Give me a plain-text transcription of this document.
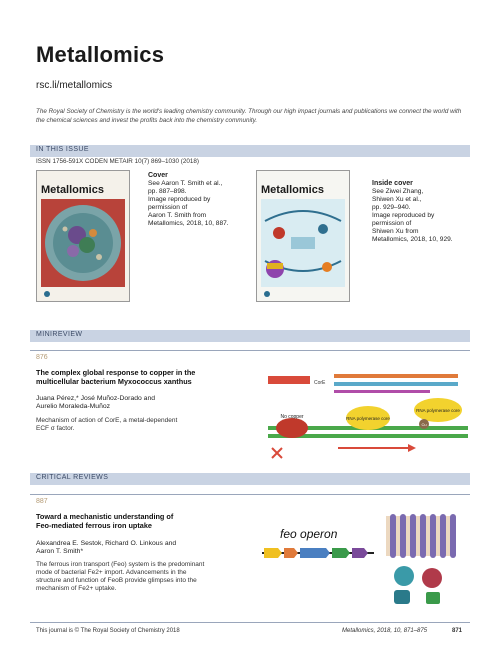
Metallomics
rsc.li/metallomics
The Royal Society of Chemistry is the world's leading chemistry community. Through our high impact journals and publications we connect the world with the chemical sciences and invest the profits back into the chemistry community.
IN THIS ISSUE
ISSN 1756-591X CODEN METAIR 10(7) 869–1030 (2018)
Metallomics
Cover
See Aaron T. Smith et al.,
pp. 887–898.
Image reproduced by
permission of
Aaron T. Smith from
Metallomics, 2018, 10, 887.
Metallomics
Inside cover
See Ziwei Zhang,
Shiwen Xu et al.,
pp. 929–940.
Image reproduced by
permission of
Shiwen Xu from
Metallomics, 2018, 10, 929.
MINIREVIEW
876
The complex global response to copper in the
multicellular bacterium Myxococcus xanthus
Juana Pérez,* José Muñoz-Dorado and
Aurelio Moraleda-Muñoz
Mechanism of action of CorE, a metal-dependent
ECF σ factor.
CorE
No copper	RNA polymerase core
RNA polymerase core
Cu
CRITICAL REVIEWS
887
Toward a mechanistic understanding of
Feo-mediated ferrous iron uptake
Alexandrea E. Sestok, Richard O. Linkous and
Aaron T. Smith*
The ferrous iron transport (Feo) system is the predominant
mode of bacterial Fe2+ import. Advancements in the
structure and function of FeoB provide glimpses into the
mechanism of Fe2+ uptake.
feo operon
This journal is © The Royal Society of Chemistry 2018	Metallomics, 2018, 10, 871–875	871
